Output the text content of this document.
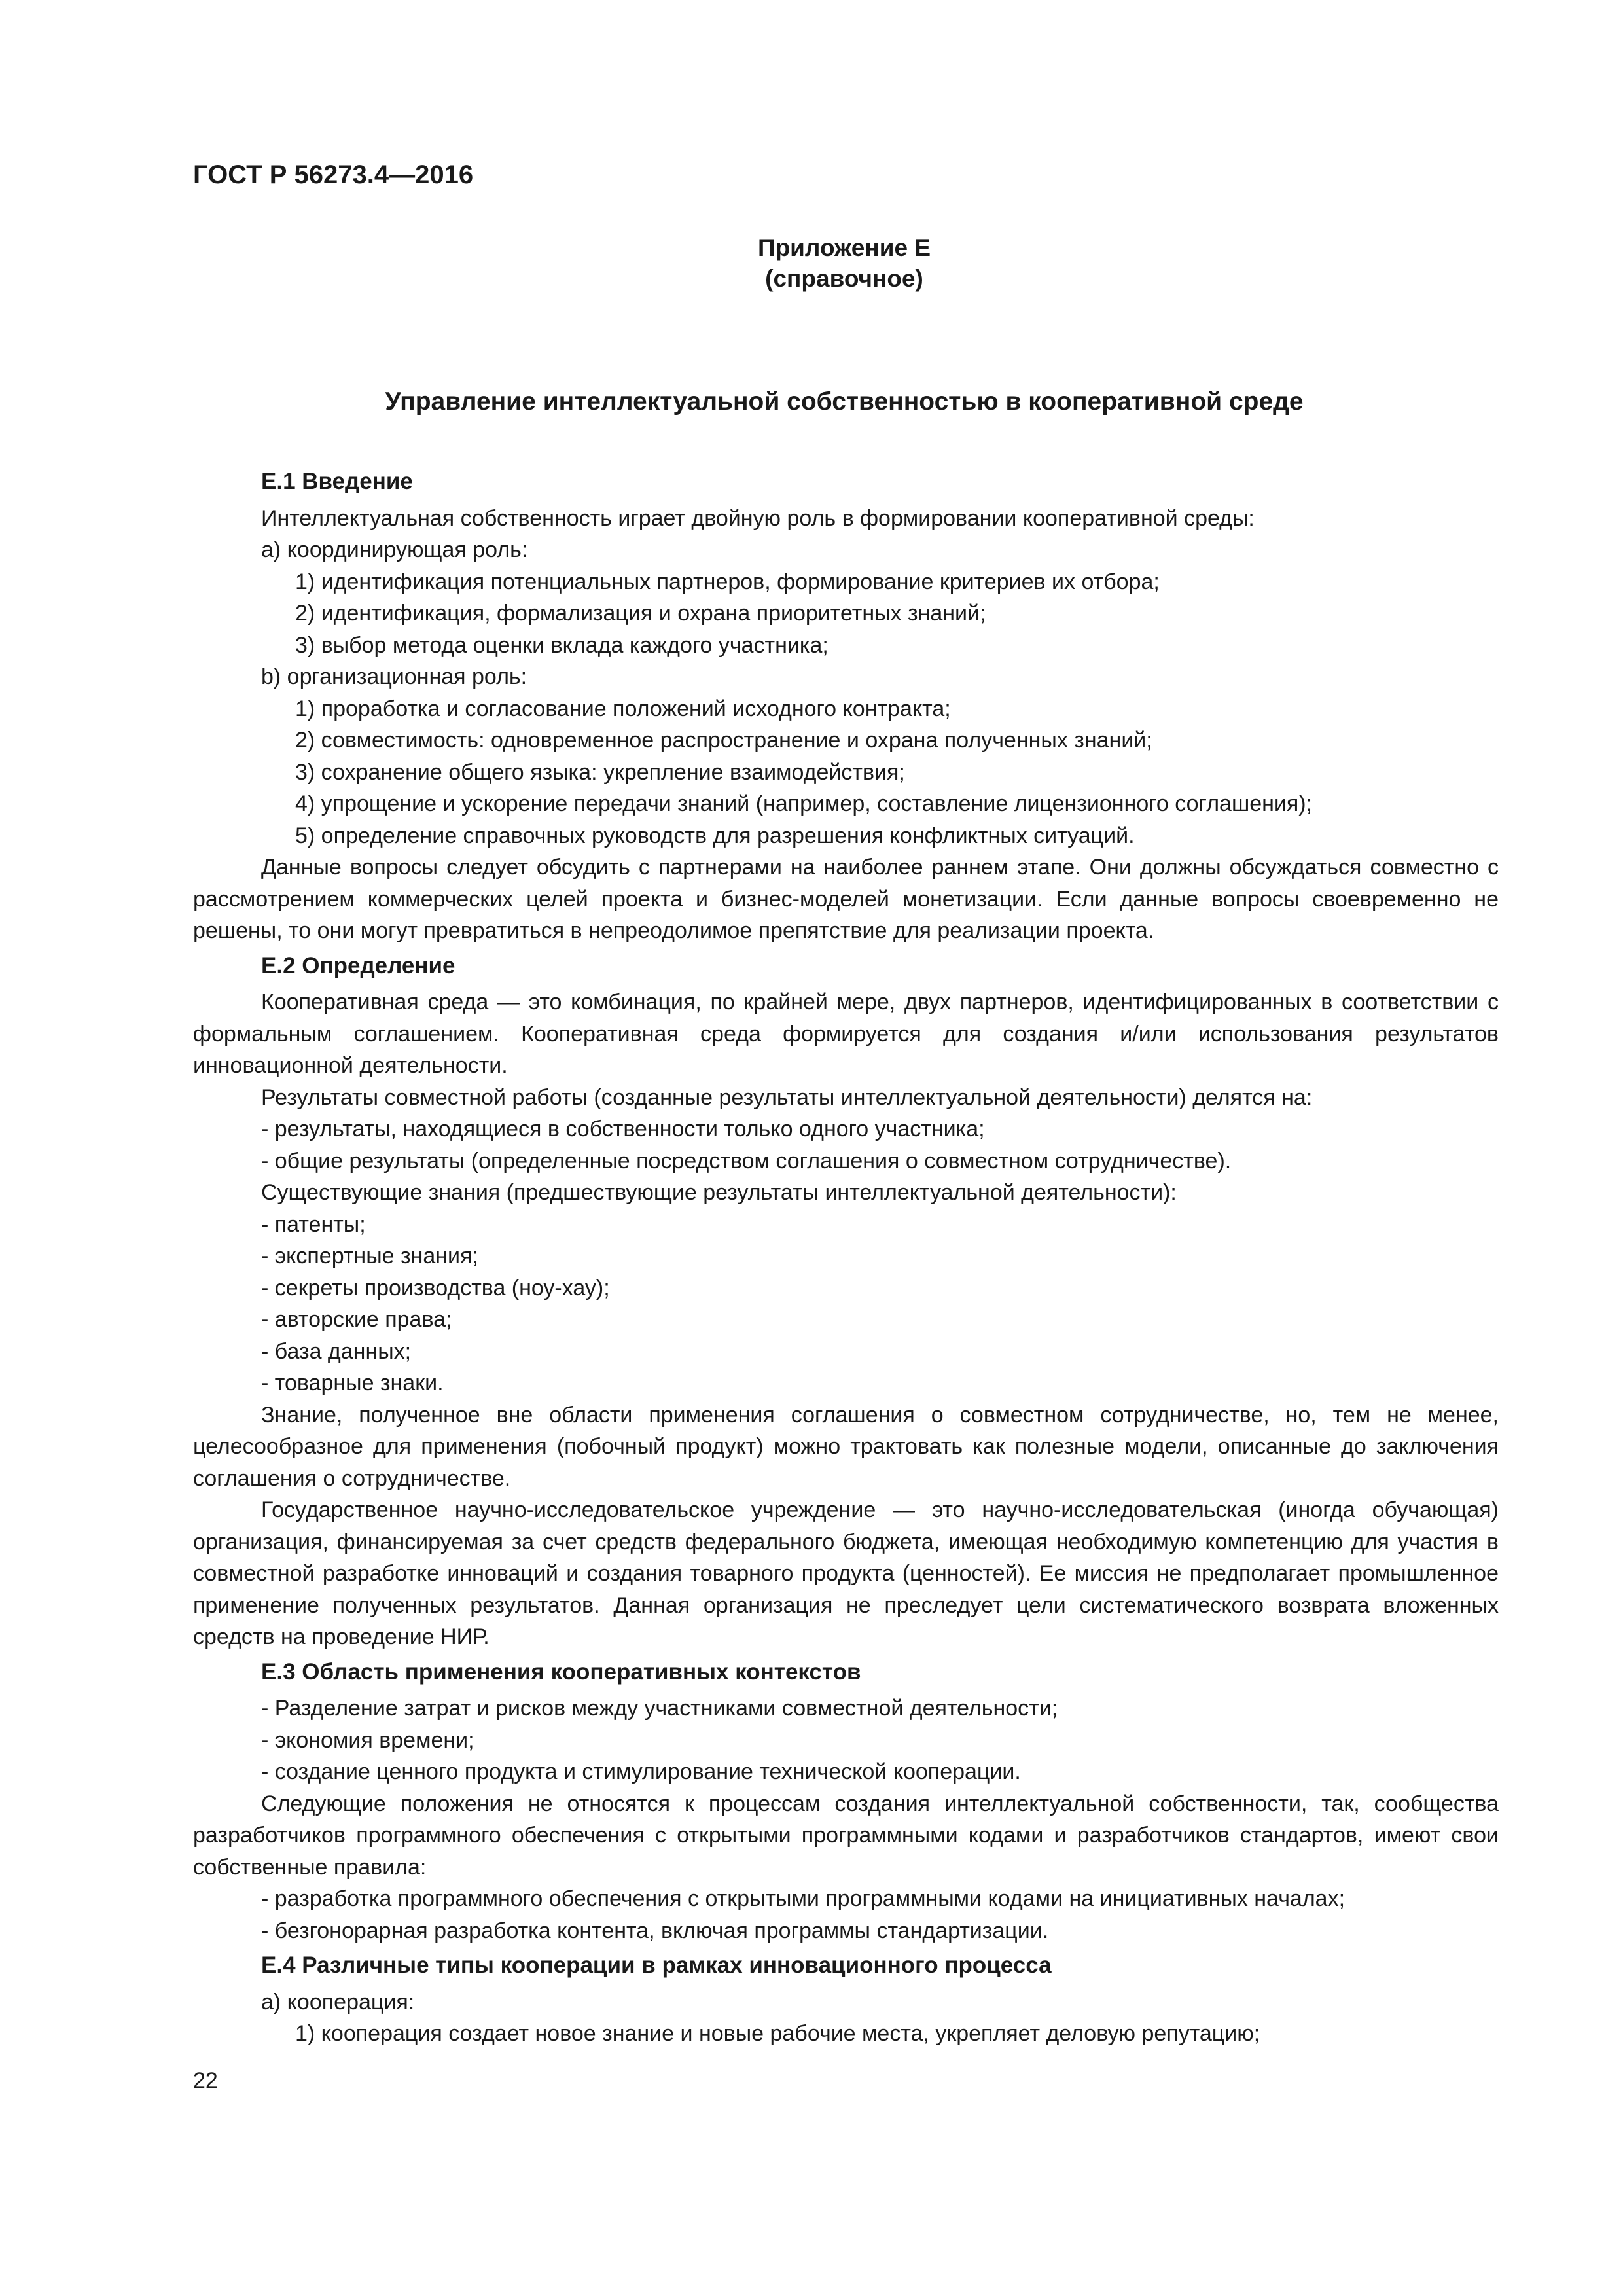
ГОСТ Р 56273.4—2016
Приложение Е
(справочное)
Управление интеллектуальной собственностью в кооперативной среде
Е.1 Введение
Интеллектуальная собственность играет двойную роль в формировании кооперативной среды:
а) координирующая роль:
1) идентификация потенциальных партнеров, формирование критериев их отбора;
2) идентификация, формализация и охрана приоритетных знаний;
3) выбор метода оценки вклада каждого участника;
b) организационная роль:
1) проработка и согласование положений исходного контракта;
2) совместимость: одновременное распространение и охрана полученных знаний;
3) сохранение общего языка: укрепление взаимодействия;
4) упрощение и ускорение передачи знаний (например, составление лицензионного соглашения);
5) определение справочных руководств для разрешения конфликтных ситуаций.
Данные вопросы следует обсудить с партнерами на наиболее раннем этапе. Они должны обсуждаться совместно с рассмотрением коммерческих целей проекта и бизнес-моделей монетизации. Если данные вопросы своевременно не решены, то они могут превратиться в непреодолимое препятствие для реализации проекта.
Е.2 Определение
Кооперативная среда — это комбинация, по крайней мере, двух партнеров, идентифицированных в соответствии с формальным соглашением. Кооперативная среда формируется для создания и/или использования результатов инновационной деятельности.
Результаты совместной работы (созданные результаты интеллектуальной деятельности) делятся на:
- результаты, находящиеся в собственности только одного участника;
- общие результаты (определенные посредством соглашения о совместном сотрудничестве).
Существующие знания (предшествующие результаты интеллектуальной деятельности):
- патенты;
- экспертные знания;
- секреты производства (ноу-хау);
- авторские права;
- база данных;
- товарные знаки.
Знание, полученное вне области применения соглашения о совместном сотрудничестве, но, тем не менее, целесообразное для применения (побочный продукт) можно трактовать как полезные модели, описанные до заключения соглашения о сотрудничестве.
Государственное научно-исследовательское учреждение — это научно-исследовательская (иногда обучающая) организация, финансируемая за счет средств федерального бюджета, имеющая необходимую компетенцию для участия в совместной разработке инноваций и создания товарного продукта (ценностей). Ее миссия не предполагает промышленное применение полученных результатов. Данная организация не преследует цели систематического возврата вложенных средств на проведение НИР.
Е.3 Область применения кооперативных контекстов
- Разделение затрат и рисков между участниками совместной деятельности;
- экономия времени;
- создание ценного продукта и стимулирование технической кооперации.
Следующие положения не относятся к процессам создания интеллектуальной собственности, так, сообщества разработчиков программного обеспечения с открытыми программными кодами и разработчиков стандартов, имеют свои собственные правила:
- разработка программного обеспечения с открытыми программными кодами на инициативных началах;
- безгонорарная разработка контента, включая программы стандартизации.
Е.4 Различные типы кооперации в рамках инновационного процесса
а) кооперация:
1) кооперация создает новое знание и новые рабочие места, укрепляет деловую репутацию;
22
